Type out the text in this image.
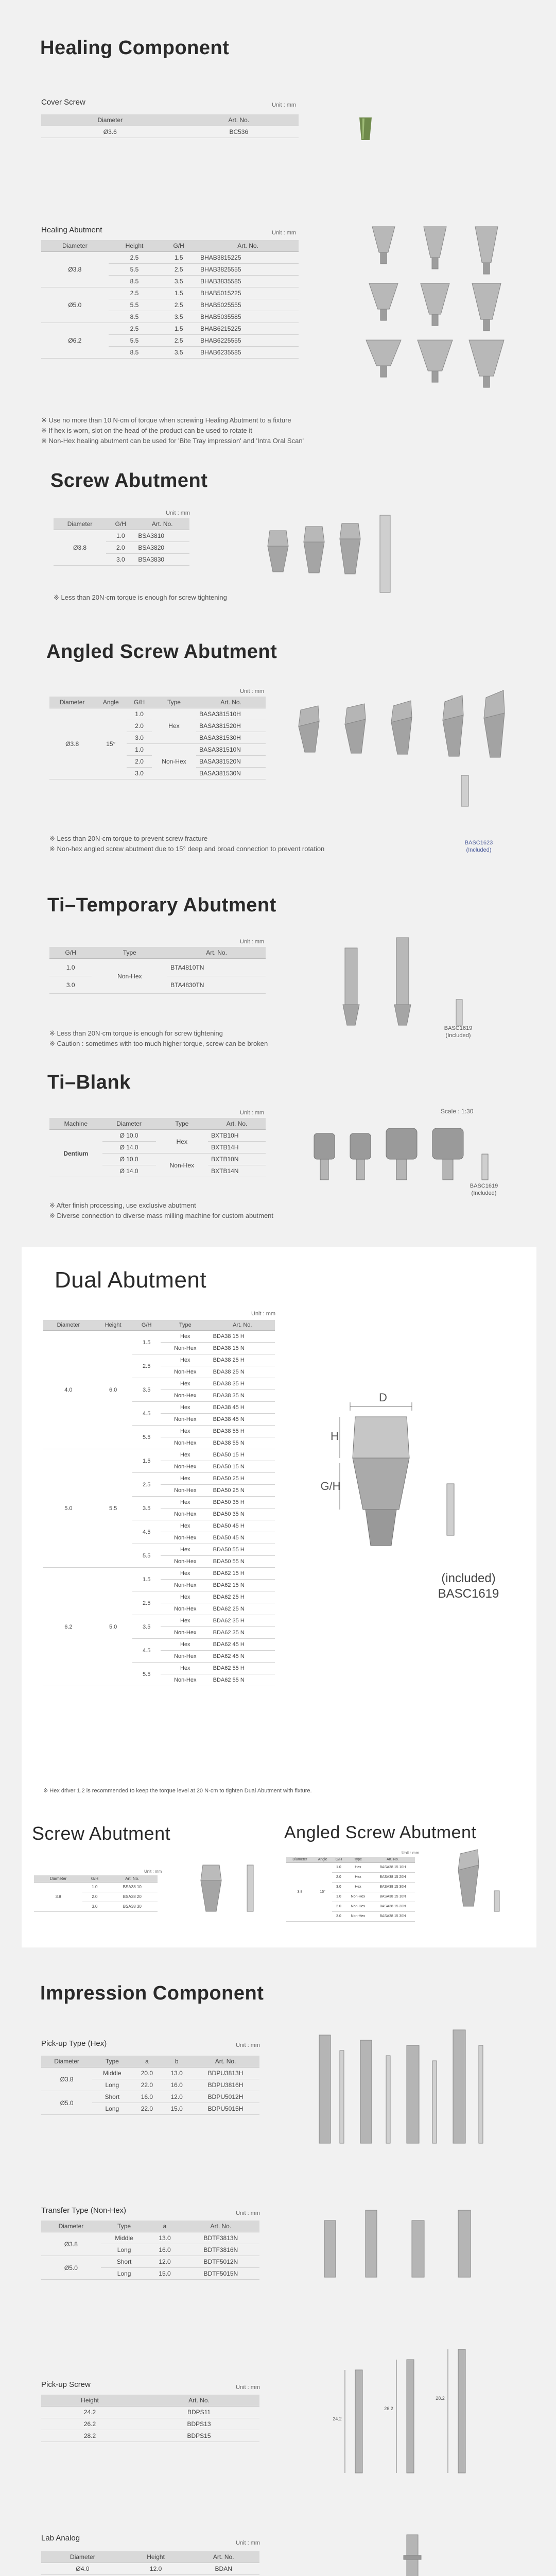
Healing Component
Cover Screw	Unit : mm
Diameter	Art. No.
Ø3.6	BC536
Healing Abutment	Unit : mm
Diameter	Height	G/H	Art. No.
Ø3.8	2.5	1.5	BHAB3815225
	5.5	2.5	BHAB3825555
	8.5	3.5	BHAB3835585
Ø5.0	2.5	1.5	BHAB5015225
	5.5	2.5	BHAB5025555
	8.5	3.5	BHAB5035585
Ø6.2	2.5	1.5	BHAB6215225
	5.5	2.5	BHAB6225555
	8.5	3.5	BHAB6235585
※ Use no more than 10 N·cm of torque when screwing Healing Abutment to a fixture
※ If hex is worn, slot on the head of the product can be used to rotate it
※ Non-Hex healing abutment can be used for 'Bite Tray impression' and 'Intra Oral Scan'
Screw Abutment
Unit : mm
Diameter	G/H	Art. No.
Ø3.8	1.0	BSA3810
	2.0	BSA3820
	3.0	BSA3830
※ Less than 20N·cm torque is enough for screw tightening
Angled Screw Abutment
Unit : mm
Diameter	Angle	G/H	Type	Art. No.
Ø3.8	15°	1.0	Hex	BASA381510H
		2.0		BASA381520H
		3.0		BASA381530H
		1.0	Non-Hex	BASA381510N
		2.0		BASA381520N
		3.0		BASA381530N
BASC1623
(Included)
※ Less than 20N·cm torque to prevent screw fracture
※ Non-hex angled screw abutment due to 15° deep and broad connection to prevent rotation
Ti–Temporary Abutment
Unit : mm
G/H	Type	Art. No.
1.0	Non-Hex	BTA4810TN
3.0		BTA4830TN
BASC1619
(Included)
※ Less than 20N·cm torque is enough for screw tightening
※ Caution : sometimes with too much higher torque, screw can be broken
Ti–Blank
Unit : mm	Scale : 1:30
Machine	Diameter	Type	Art. No.
Dentium	Ø 10.0	Hex	BXTB10H
	Ø 14.0		BXTB14H
	Ø 10.0	Non-Hex	BXTB10N
	Ø 14.0		BXTB14N
BASC1619
(Included)
※ After finish processing, use exclusive abutment
※ Diverse connection to diverse mass milling machine for custom abutment
Dual Abutment
Unit : mm
Diameter	Height	G/H	Type	Art. No.
4.0	6.0	1.5	Hex	BDA38 15 H
			Non-Hex	BDA38 15 N
		2.5	Hex	BDA38 25 H
			Non-Hex	BDA38 25 N
		3.5	Hex	BDA38 35 H
			Non-Hex	BDA38 35 N
		4.5	Hex	BDA38 45 H
			Non-Hex	BDA38 45 N
		5.5	Hex	BDA38 55 H
			Non-Hex	BDA38 55 N
5.0	5.5	1.5	Hex	BDA50 15 H
			Non-Hex	BDA50 15 N
		2.5	Hex	BDA50 25 H
			Non-Hex	BDA50 25 N
		3.5	Hex	BDA50 35 H
			Non-Hex	BDA50 35 N
		4.5	Hex	BDA50 45 H
			Non-Hex	BDA50 45 N
		5.5	Hex	BDA50 55 H
			Non-Hex	BDA50 55 N
6.2	5.0	1.5	Hex	BDA62 15 H
			Non-Hex	BDA62 15 N
		2.5	Hex	BDA62 25 H
			Non-Hex	BDA62 25 N
		3.5	Hex	BDA62 35 H
			Non-Hex	BDA62 35 N
		4.5	Hex	BDA62 45 H
			Non-Hex	BDA62 45 N
		5.5	Hex	BDA62 55 H
			Non-Hex	BDA62 55 N
※ Hex driver 1.2 is recommended to keep the torque level at 20 N·cm to tighten Dual Abutment with fixture.
D
H
G/H
(included)
BASC1619
Screw Abutment	Angled Screw Abutment
Unit : mm
Diameter	G/H	Art. No.
3.8	1.0	BSA38 10
	2.0	BSA38 20
	3.0	BSA38 30
Unit : mm
Diameter	Angle	G/H	Type	Art. No.
3.8	15°	1.0	Hex	BASA38 15 10H
		2.0	Hex	BASA38 15 20H
		3.0	Hex	BASA38 15 30H
		1.0	Non-Hex	BASA38 15 10N
		2.0	Non-Hex	BASA38 15 20N
		3.0	Non-Hex	BASA38 15 30N
Impression Component
Pick-up Type (Hex)	Unit : mm
Diameter	Type	a	b	Art. No.
Ø3.8	Middle	20.0	13.0	BDPU3813H
	Long	22.0	16.0	BDPU3816H
Ø5.0	Short	16.0	12.0	BDPU5012H
	Long	22.0	15.0	BDPU5015H
Transfer Type (Non-Hex)	Unit : mm
Diameter	Type	a	Art. No.
Ø3.8	Middle	13.0	BDTF3813N
	Long	16.0	BDTF3816N
Ø5.0	Short	12.0	BDTF5012N
	Long	15.0	BDTF5015N
Pick-up Screw	Unit : mm
Height	Art. No.
24.2	BDPS11
26.2	BDPS13
28.2	BDPS15
24.2
26.2
28.2
Lab Analog
Unit : mm
Diameter	Height	Art. No.
Ø4.0	12.0	BDAN
